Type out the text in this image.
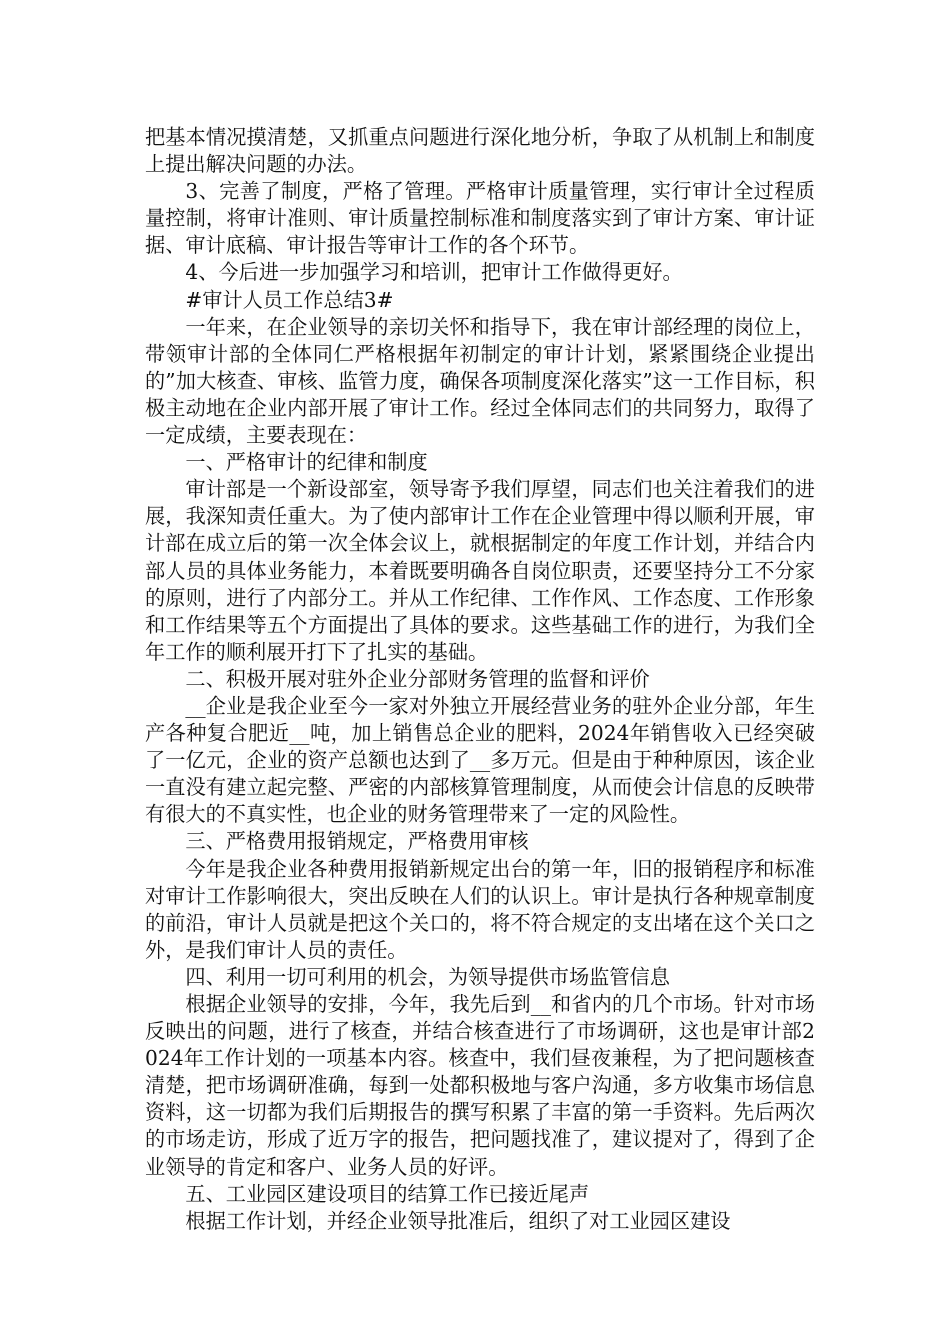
把基本情况摸清楚，又抓重点问题进行深化地分析，争取了从机制上和制度上提出解决问题的办法。

3、完善了制度，严格了管理。严格审计质量管理，实行审计全过程质量控制，将审计准则、审计质量控制标准和制度落实到了审计方案、审计证据、审计底稿、审计报告等审计工作的各个环节。

4、今后进一步加强学习和培训，把审计工作做得更好。

#审计人员工作总结3#

一年来，在企业领导的亲切关怀和指导下，我在审计部经理的岗位上，带领审计部的全体同仁严格根据年初制定的审计计划，紧紧围绕企业提出的”加大核查、审核、监管力度，确保各项制度深化落实”这一工作目标，积极主动地在企业内部开展了审计工作。经过全体同志们的共同努力，取得了一定成绩，主要表现在：

一、严格审计的纪律和制度

审计部是一个新设部室，领导寄予我们厚望，同志们也关注着我们的进展，我深知责任重大。为了使内部审计工作在企业管理中得以顺利开展，审计部在成立后的第一次全体会议上，就根据制定的年度工作计划，并结合内部人员的具体业务能力，本着既要明确各自岗位职责，还要坚持分工不分家的原则，进行了内部分工。并从工作纪律、工作作风、工作态度、工作形象和工作结果等五个方面提出了具体的要求。这些基础工作的进行，为我们全年工作的顺利展开打下了扎实的基础。

二、积极开展对驻外企业分部财务管理的监督和评价

__企业是我企业至今一家对外独立开展经营业务的驻外企业分部，年生产各种复合肥近__吨，加上销售总企业的肥料，2024年销售收入已经突破了一亿元，企业的资产总额也达到了__多万元。但是由于种种原因，该企业一直没有建立起完整、严密的内部核算管理制度，从而使会计信息的反映带有很大的不真实性，也企业的财务管理带来了一定的风险性。

三、严格费用报销规定，严格费用审核

今年是我企业各种费用报销新规定出台的第一年，旧的报销程序和标准对审计工作影响很大，突出反映在人们的认识上。审计是执行各种规章制度的前沿，审计人员就是把这个关口的，将不符合规定的支出堵在这个关口之外，是我们审计人员的责任。

四、利用一切可利用的机会，为领导提供市场监管信息

根据企业领导的安排，今年，我先后到__和省内的几个市场。针对市场反映出的问题，进行了核查，并结合核查进行了市场调研，这也是审计部2024年工作计划的一项基本内容。核查中，我们昼夜兼程，为了把问题核查清楚，把市场调研准确，每到一处都积极地与客户沟通，多方收集市场信息资料，这一切都为我们后期报告的撰写积累了丰富的第一手资料。先后两次的市场走访，形成了近万字的报告，把问题找准了，建议提对了，得到了企业领导的肯定和客户、业务人员的好评。

五、工业园区建设项目的结算工作已接近尾声

根据工作计划，并经企业领导批准后，组织了对工业园区建设
